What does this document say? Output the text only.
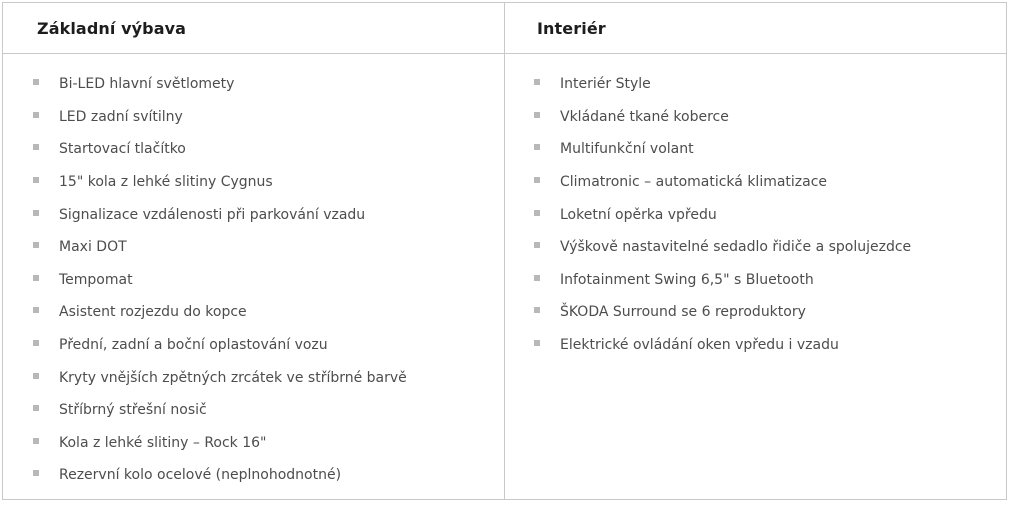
Základní výbava
Bi-LED hlavní světlomety
LED zadní svítilny
Startovací tlačítko
15" kola z lehké slitiny Cygnus
Signalizace vzdálenosti při parkování vzadu
Maxi DOT
Tempomat
Asistent rozjezdu do kopce
Přední, zadní a boční oplastování vozu
Kryty vnějších zpětných zrcátek ve stříbrné barvě
Stříbrný střešní nosič
Kola z lehké slitiny – Rock 16"
Rezervní kolo ocelové (neplnohodnotné)
Interiér
Interiér Style
Vkládané tkané koberce
Multifunkční volant
Climatronic – automatická klimatizace
Loketní opěrka vpředu
Výškově nastavitelné sedadlo řidiče a spolujezdce
Infotainment Swing 6,5" s Bluetooth
ŠKODA Surround se 6 reproduktory
Elektrické ovládání oken vpředu i vzadu
